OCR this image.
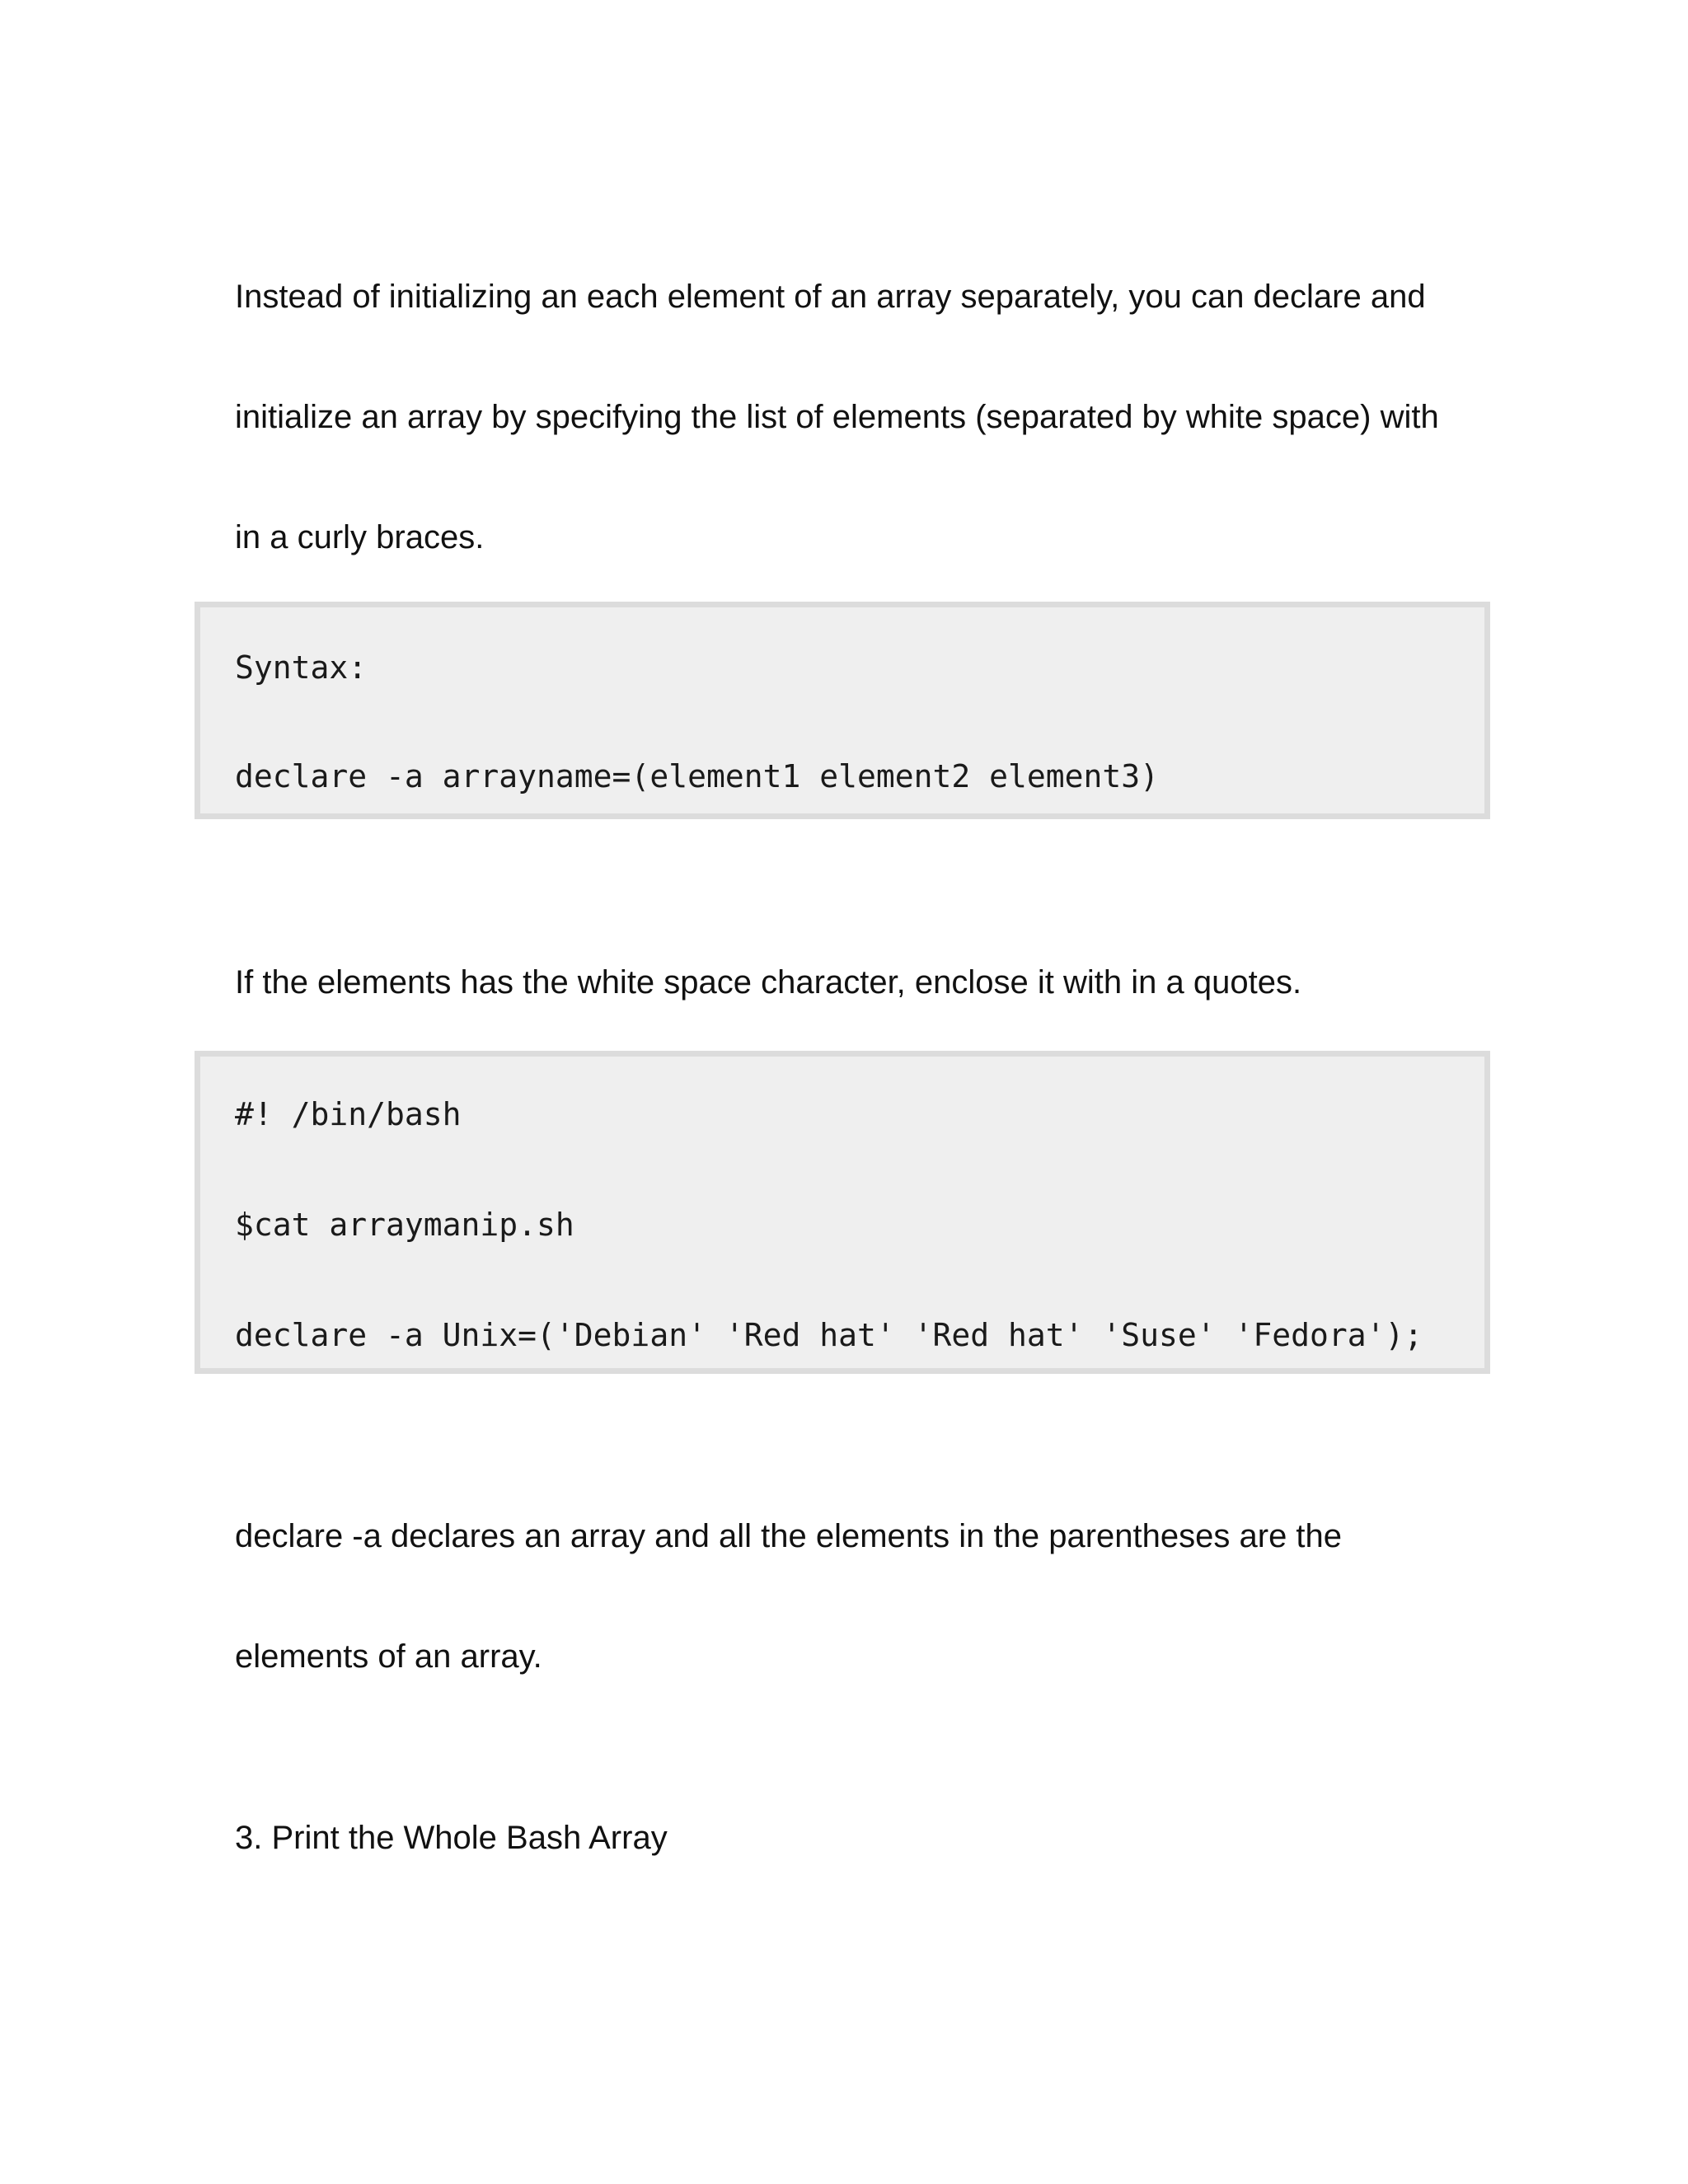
Instead of initializing an each element of an array separately, you can declare and

initialize an array by specifying the list of elements (separated by white space) with

in a curly braces.

Syntax:
declare -a arrayname=(element1 element2 element3)

If the elements has the white space character, enclose it with in a quotes.

#! /bin/bash
$cat arraymanip.sh
declare -a Unix=('Debian' 'Red hat' 'Red hat' 'Suse' 'Fedora');

declare -a declares an array and all the elements in the parentheses are the

elements of an array.

3. Print the Whole Bash Array
